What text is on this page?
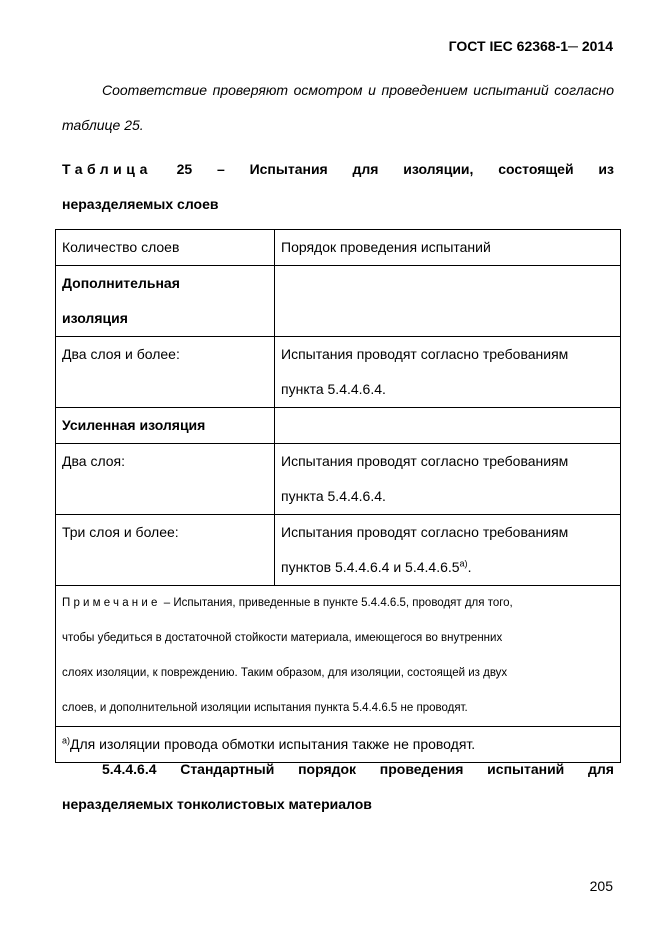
ГОСТ IEC 62368-1─ 2014
Соответствие проверяют осмотром и проведением испытаний согласно таблице 25.
Таблица 25 – Испытания для изоляции, состоящей из
неразделяемых слоев
Количество слоев	Порядок проведения испытаний

Дополнительная
изоляция	

Два слоя и более:	Испытания проводят согласно требованиям
пункта 5.4.4.6.4.

Усиленная изоляция	
Два слоя:	Испытания проводят согласно требованиям
пункта 5.4.4.6.4.

Три слоя и более:	Испытания проводят согласно требованиям
пунктов 5.4.4.6.4 и $5.4.4.6.5^{а)}$.

Примечание – Испытания, приведенные в пункте 5.4.4.6.5, проводят для того,
чтобы убедиться в достаточной стойкости материала, имеющегося во внутренних
слоях изоляции, к повреждению. Таким образом, для изоляции, состоящей из двух
слоев, и дополнительной изоляции испытания пункта 5.4.4.6.5 не проводят.	

$^{а)}$Для изоляции провода обмотки испытания также не проводят.	
5.4.4.6.4 Стандартный порядок проведения испытаний для
неразделяемых тонколистовых материалов
205
